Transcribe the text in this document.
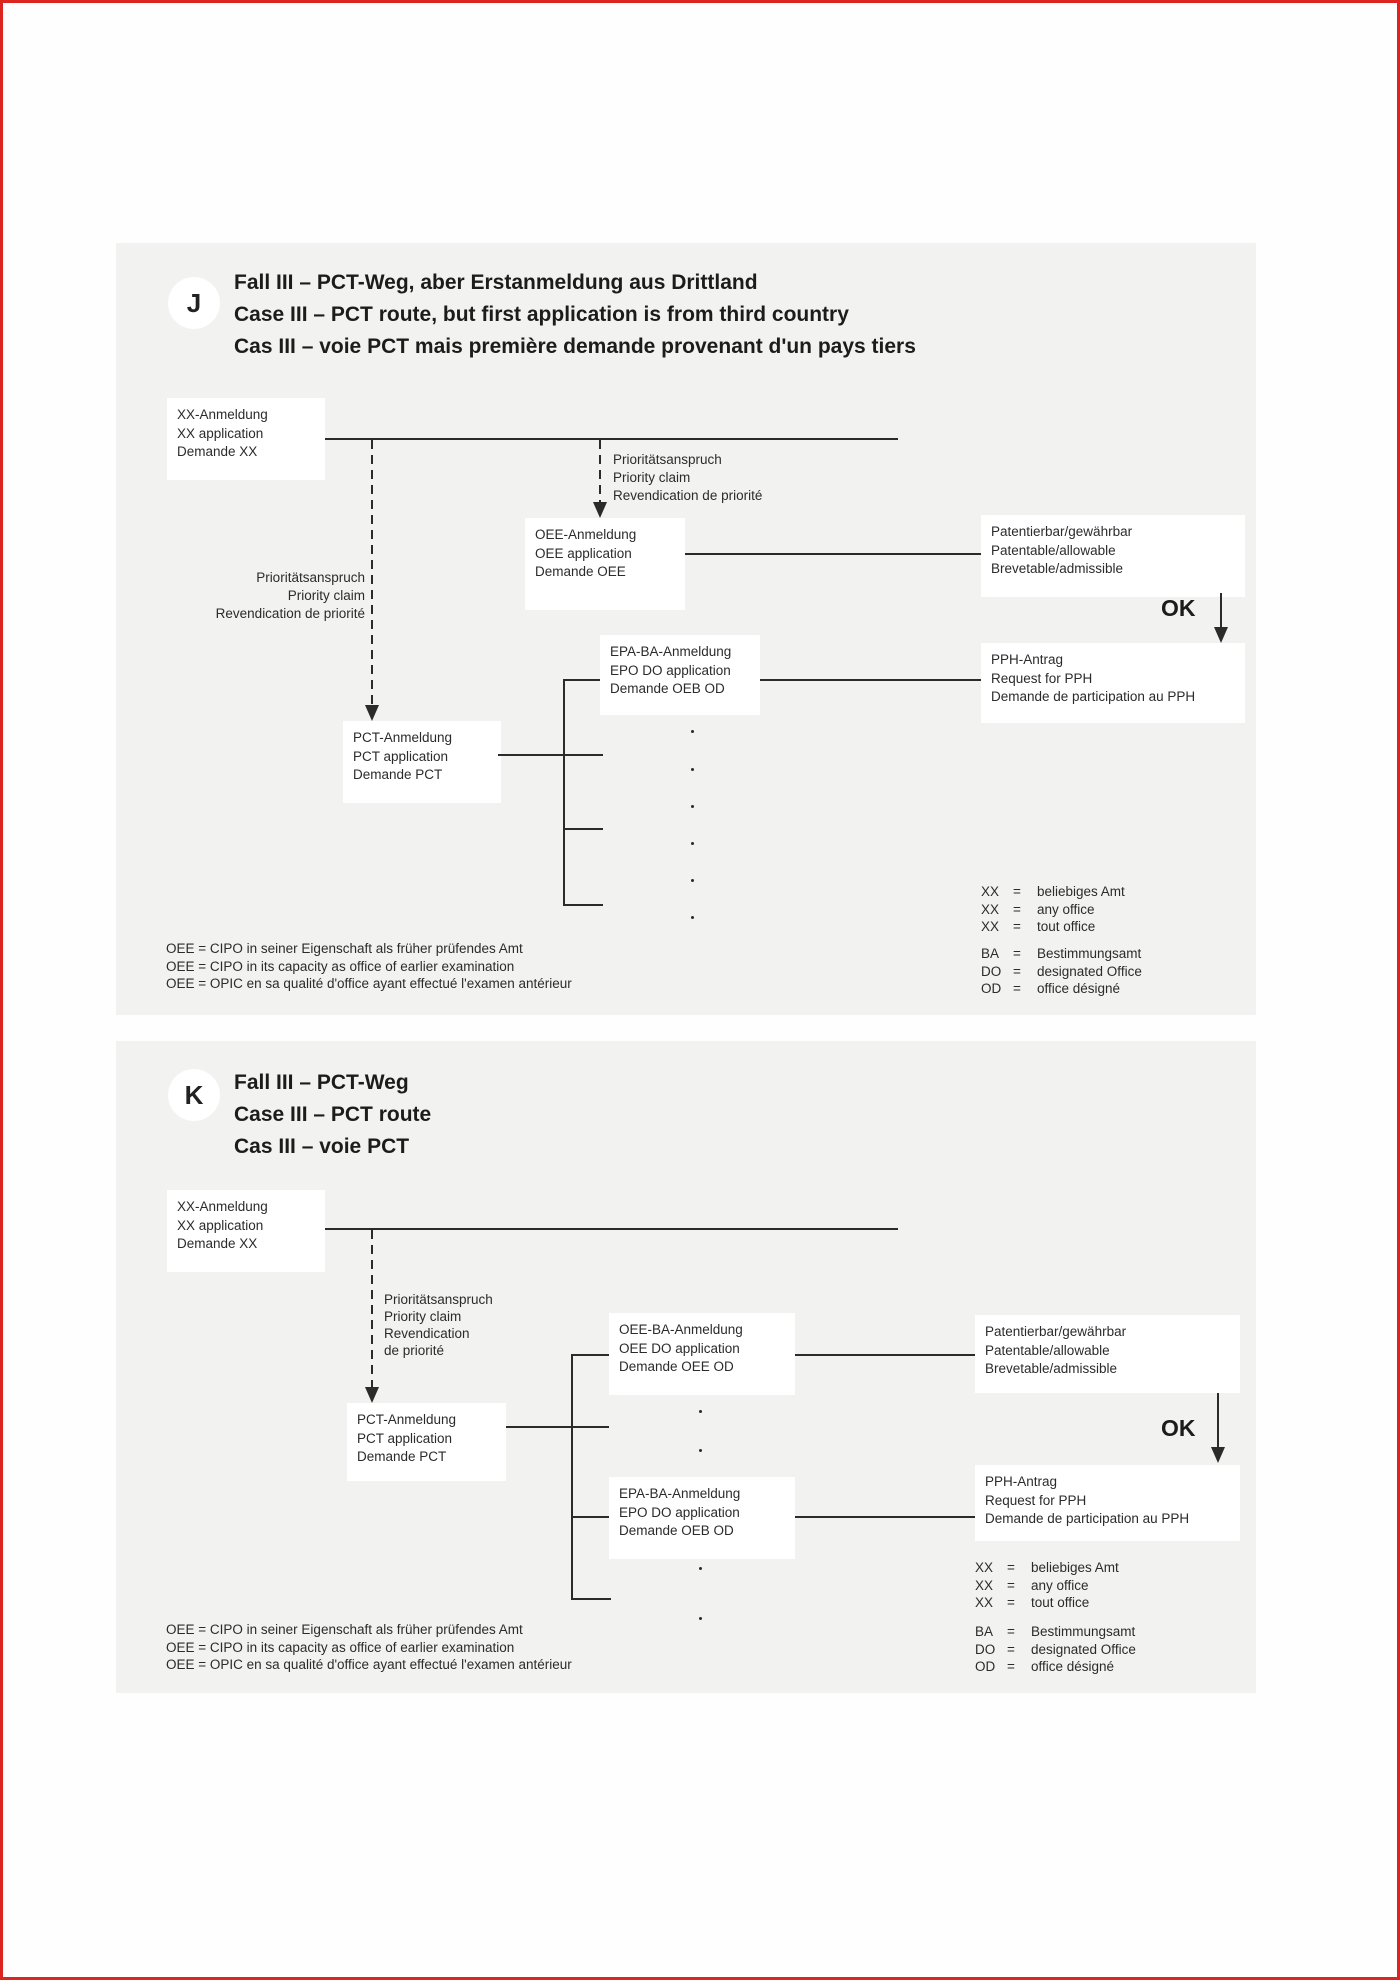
J
Fall III – PCT-Weg, aber Erstanmeldung aus Drittland
Case III – PCT route, but first application is from third country
Cas III – voie PCT mais première demande provenant d'un pays tiers
XX-Anmeldung
XX application
Demande XX
OEE-Anmeldung
OEE application
Demande OEE
EPA-BA-Anmeldung
EPO DO application
Demande OEB OD
PCT-Anmeldung
PCT application
Demande PCT
Patentierbar/gewährbar
Patentable/allowable
Brevetable/admissible
PPH-Antrag
Request for PPH
Demande de participation au PPH
OK
Prioritätsanspruch
Priority claim
Revendication de priorité
Prioritätsanspruch
Priority claim
Revendication de priorité
OEE = CIPO in seiner Eigenschaft als früher prüfendes Amt
OEE = CIPO in its capacity as office of earlier examination
OEE = OPIC en sa qualité d'office ayant effectué l'examen antérieur
XX	=	beliebiges Amt
XX	=	any office
XX	=	tout office
BA	=	Bestimmungsamt
DO =	designated Office
OD =	office désigné
K	Fall III – PCT-Weg
Case III – PCT route
Cas III – voie PCT
XX-Anmeldung
XX application
Demande XX
OEE-BA-Anmeldung
OEE DO application
Demande OEE OD
PCT-Anmeldung
PCT application
Demande PCT
EPA-BA-Anmeldung
EPO DO application
Demande OEB OD
Patentierbar/gewährbar
Patentable/allowable
Brevetable/admissible
PPH-Antrag
Request for PPH
Demande de participation au PPH
OK
Prioritätsanspruch
Priority claim
Revendication
de priorité
OEE = CIPO in seiner Eigenschaft als früher prüfendes Amt
OEE = CIPO in its capacity as office of earlier examination
OEE = OPIC en sa qualité d'office ayant effectué l'examen antérieur
XX	=	beliebiges Amt
XX	=	any office
XX	=	tout office
BA	=	Bestimmungsamt
DO =	designated Office
OD =	office désigné
